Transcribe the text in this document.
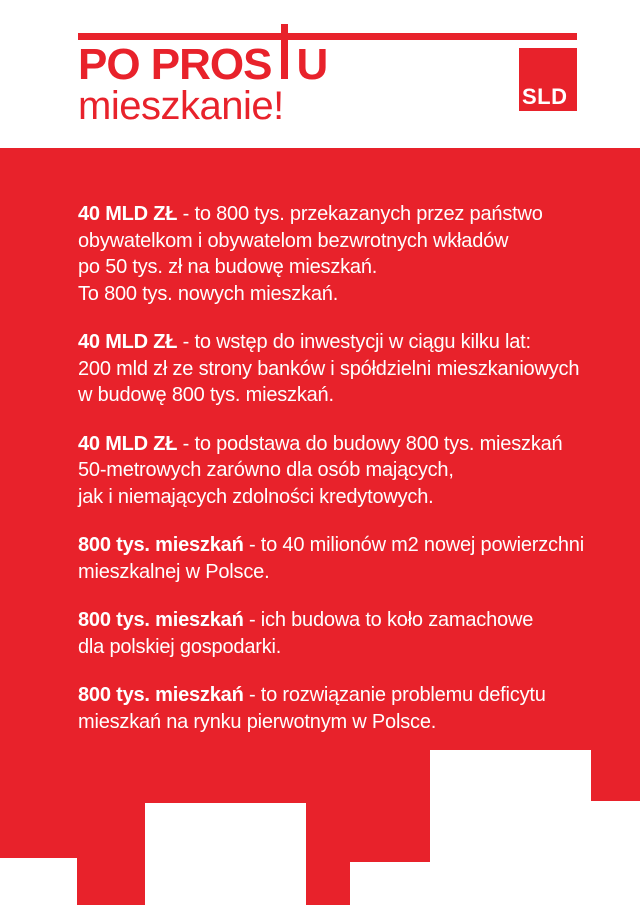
PO PROS U
mieszkanie!	SLD

40 MLD ZŁ - to 800 tys. przekazanych przez państwo
obywatelkom i obywatelom bezwrotnych wkładów
po 50 tys. zł na budowę mieszkań.
To 800 tys. nowych mieszkań.

40 MLD ZŁ - to wstęp do inwestycji w ciągu kilku lat:
200 mld zł ze strony banków i spółdzielni mieszkaniowych
w budowę 800 tys. mieszkań.

40 MLD ZŁ - to podstawa do budowy 800 tys. mieszkań
50-metrowych zarówno dla osób mających,
jak i niemających zdolności kredytowych.

800 tys. mieszkań - to 40 milionów m2 nowej powierzchni
mieszkalnej w Polsce.

800 tys. mieszkań - ich budowa to koło zamachowe
dla polskiej gospodarki.

800 tys. mieszkań - to rozwiązanie problemu deficytu
mieszkań na rynku pierwotnym w Polsce.
